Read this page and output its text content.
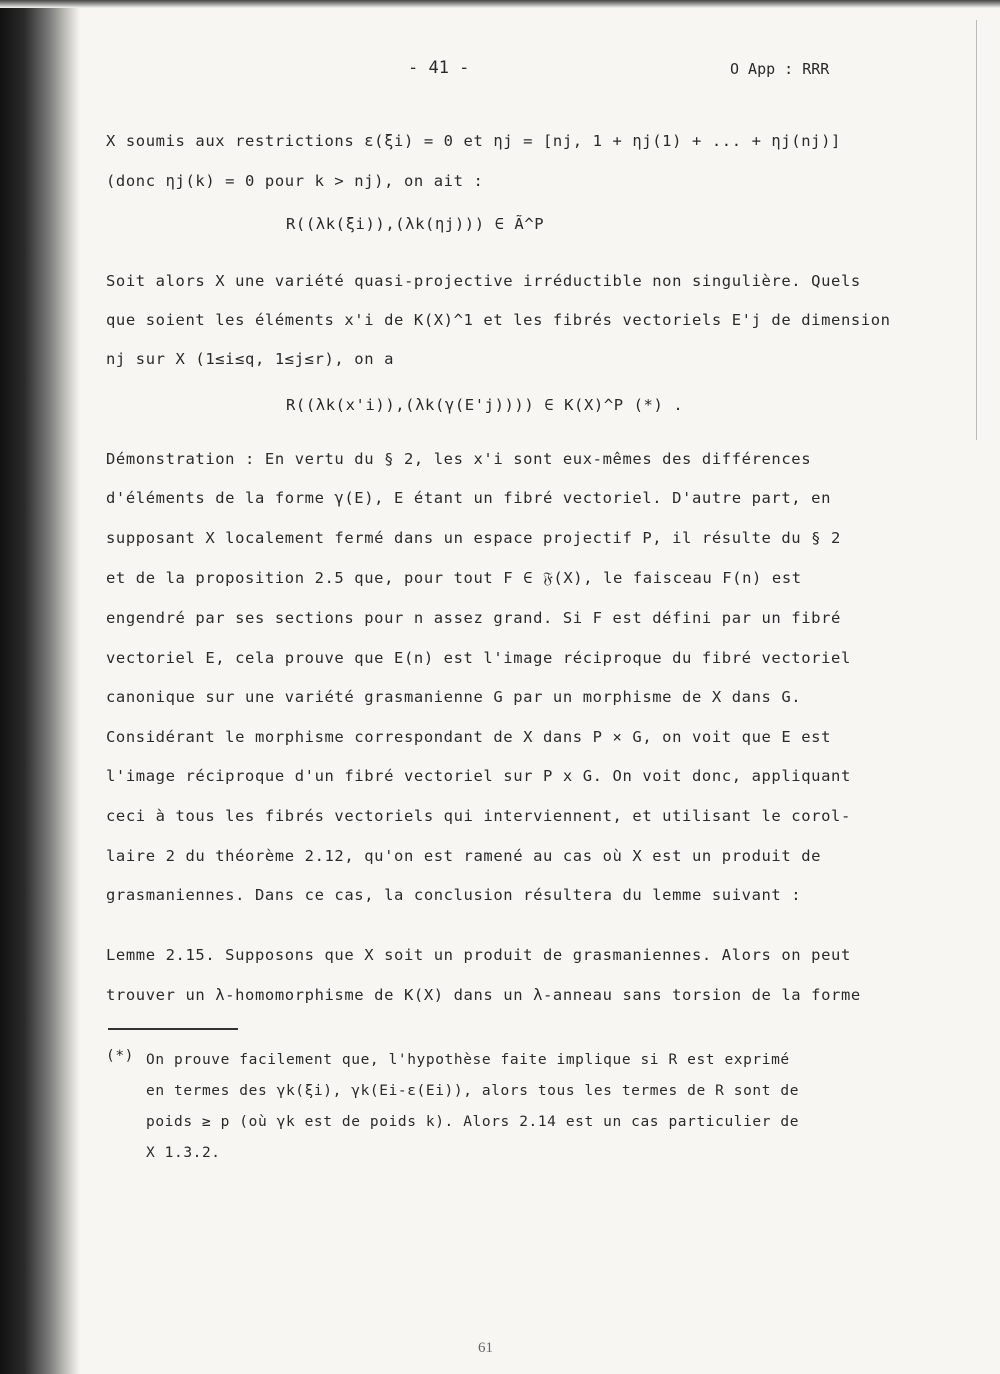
- 41 -	O App : RRR
X soumis aux restrictions ε(ξi) = 0 et ηj = [nj, 1 + ηj(1) + ... + ηj(nj)]
(donc ηj(k) = 0 pour k > nj), on ait :
R((λk(ξi)),(λk(ηj))) ∈ Ã^P
Soit alors X une variété quasi-projective irréductible non singulière. Quels
que soient les éléments x'i de K(X)^1 et les fibrés vectoriels E'j de dimension
nj sur X (1≤i≤q, 1≤j≤r), on a
R((λk(x'i)),(λk(γ(E'j)))) ∈ K(X)^P (*) .
Démonstration : En vertu du § 2, les x'i sont eux-mêmes des différences
d'éléments de la forme γ(E), E étant un fibré vectoriel. D'autre part, en
supposant X localement fermé dans un espace projectif P, il résulte du § 2
et de la proposition 2.5 que, pour tout F ∈ 𝔉(X), le faisceau F(n) est
engendré par ses sections pour n assez grand. Si F est défini par un fibré
vectoriel E, cela prouve que E(n) est l'image réciproque du fibré vectoriel
canonique sur une variété grasmanienne G par un morphisme de X dans G.
Considérant le morphisme correspondant de X dans P × G, on voit que E est
l'image réciproque d'un fibré vectoriel sur P x G. On voit donc, appliquant
ceci à tous les fibrés vectoriels qui interviennent, et utilisant le corol-
laire 2 du théorème 2.12, qu'on est ramené au cas où X est un produit de
grasmaniennes. Dans ce cas, la conclusion résultera du lemme suivant :
Lemme 2.15. Supposons que X soit un produit de grasmaniennes. Alors on peut
trouver un λ-homomorphisme de K(X) dans un λ-anneau sans torsion de la forme
(*) On prouve facilement que, l'hypothèse faite implique si R est exprimé
en termes des γk(ξi), γk(Ei-ε(Ei)), alors tous les termes de R sont de
poids ≥ p (où γk est de poids k). Alors 2.14 est un cas particulier de
X 1.3.2.
61
